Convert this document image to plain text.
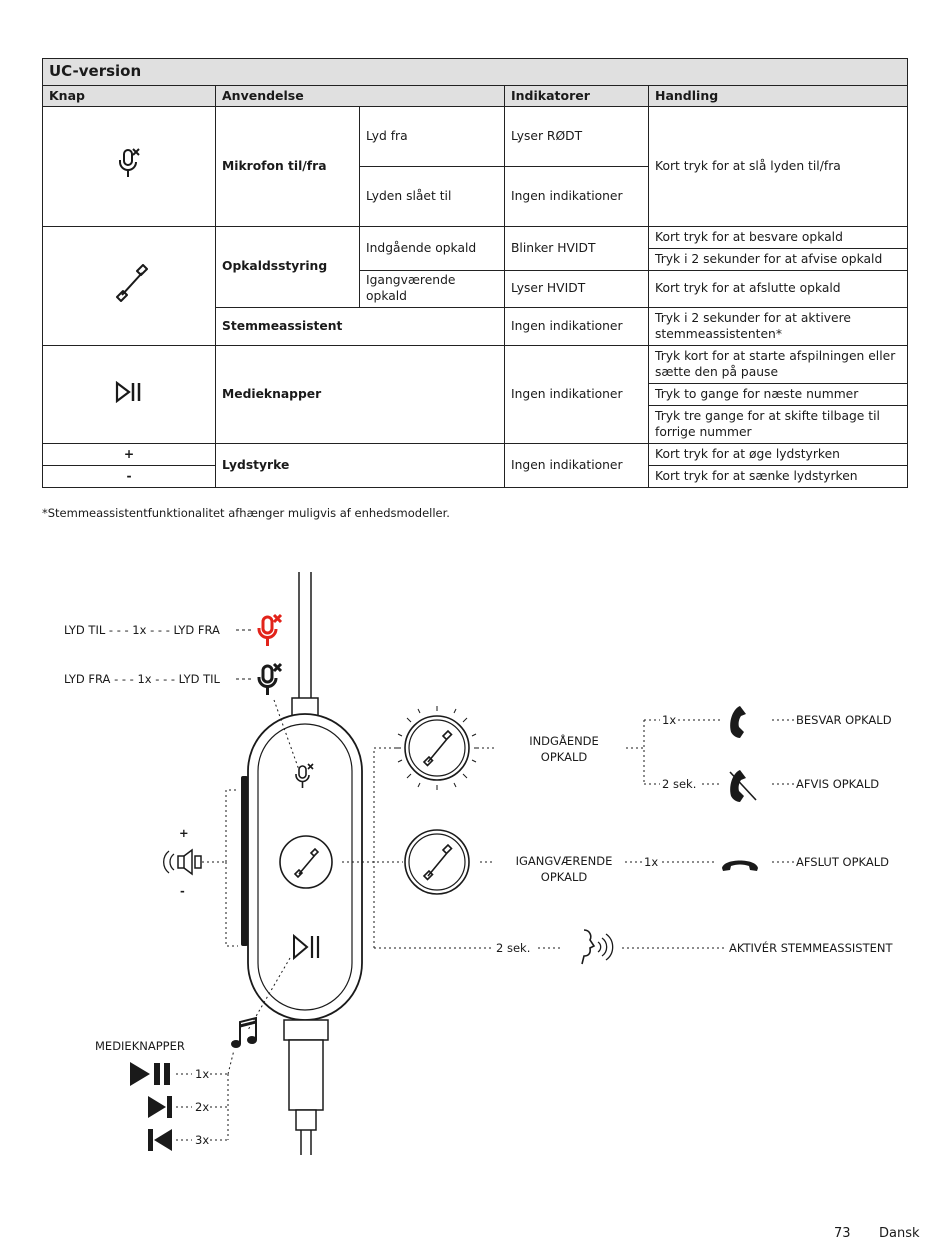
UC-version				
Knap	Anvendelse		Indikatorer	Handling
	Mikrofon til/fra	Lyd fra	Lyser RØDT	Kort tryk for at slå lyden til/fra
		Lyden slået til	Ingen indikationer	
	Opkaldsstyring	Indgående opkald	Blinker HVIDT	Kort tryk for at besvare opkald
				Tryk i 2 sekunder for at afvise opkald
		Igangværende opkald	Lyser HVIDT	Kort tryk for at afslutte opkald
	Stemmeassistent		Ingen indikationer	Tryk i 2 sekunder for at aktivere stemmeassistenten*
	Medieknapper		Ingen indikationer	Tryk kort for at starte afspilningen eller sætte den på pause
				Tryk to gange for næste nummer
				Tryk tre gange for at skifte tilbage til forrige nummer
+	Lydstyrke		Ingen indikationer	Kort tryk for at øge lydstyrken
-				Kort tryk for at sænke lydstyrken
*Stemmeassistentfunktionalitet afhænger muligvis af enhedsmodeller.
LYD TIL - - - 1x - - - LYD FRA
LYD FRA - - - 1x - - - LYD TIL
+
-
INDGÅENDE
OPKALD
1x	BESVAR OPKALD
2 sek.	AFVIS OPKALD
IGANGVÆRENDE
OPKALD
1x	AFSLUT OPKALD
2 sek.	AKTIVÉR STEMMEASSISTENT
MEDIEKNAPPER
1x
2x
3x
73 Dansk
